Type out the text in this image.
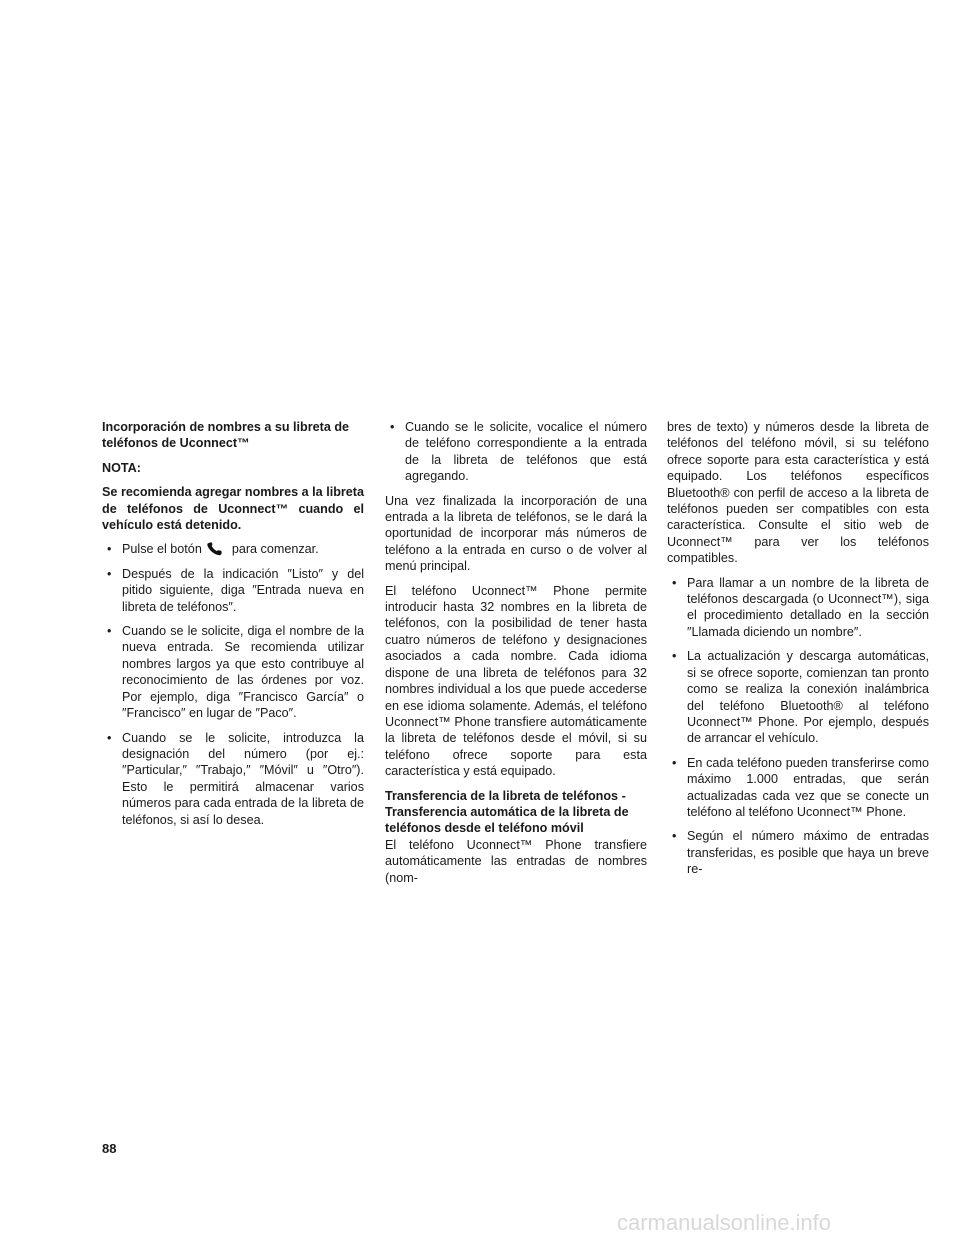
Incorporación de nombres a su libreta de teléfonos de Uconnect™

NOTA:

Se recomienda agregar nombres a la libreta de teléfonos de Uconnect™ cuando el vehículo está detenido.

• Pulse el botón para comenzar.
• Después de la indicación ″Listo″ y del pitido siguiente, diga ″Entrada nueva en libreta de teléfonos″.
• Cuando se le solicite, diga el nombre de la nueva entrada. Se recomienda utilizar nombres largos ya que esto contribuye al reconocimiento de las órdenes por voz. Por ejemplo, diga ″Francisco García″ o ″Francisco″ en lugar de ″Paco″.
• Cuando se le solicite, introduzca la designación del número (por ej.: ″Particular,″ ″Trabajo,″ ″Móvil″ u ″Otro″). Esto le permitirá almacenar varios números para cada entrada de la libreta de teléfonos, si así lo desea.
• Cuando se le solicite, vocalice el número de teléfono correspondiente a la entrada de la libreta de teléfonos que está agregando.

Una vez finalizada la incorporación de una entrada a la libreta de teléfonos, se le dará la oportunidad de incorporar más números de teléfono a la entrada en curso o de volver al menú principal.

El teléfono Uconnect™ Phone permite introducir hasta 32 nombres en la libreta de teléfonos, con la posibilidad de tener hasta cuatro números de teléfono y designaciones asociados a cada nombre. Cada idioma dispone de una libreta de teléfonos para 32 nombres individual a los que puede accederse en ese idioma solamente. Además, el teléfono Uconnect™ Phone transfiere automáticamente la libreta de teléfonos desde el móvil, si su teléfono ofrece soporte para esta característica y está equipado.

Transferencia de la libreta de teléfonos - Transferencia automática de la libreta de teléfonos desde el teléfono móvil
El teléfono Uconnect™ Phone transfiere automáticamente las entradas de nombres (nom-

bres de texto) y números desde la libreta de teléfonos del teléfono móvil, si su teléfono ofrece soporte para esta característica y está equipado. Los teléfonos específicos Bluetooth® con perfil de acceso a la libreta de teléfonos pueden ser compatibles con esta característica. Consulte el sitio web de Uconnect™ para ver los teléfonos compatibles.

• Para llamar a un nombre de la libreta de teléfonos descargada (o Uconnect™), siga el procedimiento detallado en la sección ″Llamada diciendo un nombre″.
• La actualización y descarga automáticas, si se ofrece soporte, comienzan tan pronto como se realiza la conexión inalámbrica del teléfono Bluetooth® al teléfono Uconnect™ Phone. Por ejemplo, después de arrancar el vehículo.
• En cada teléfono pueden transferirse como máximo 1.000 entradas, que serán actualizadas cada vez que se conecte un teléfono al teléfono Uconnect™ Phone.
• Según el número máximo de entradas transferidas, es posible que haya un breve re-
88
carmanualsonline.info
